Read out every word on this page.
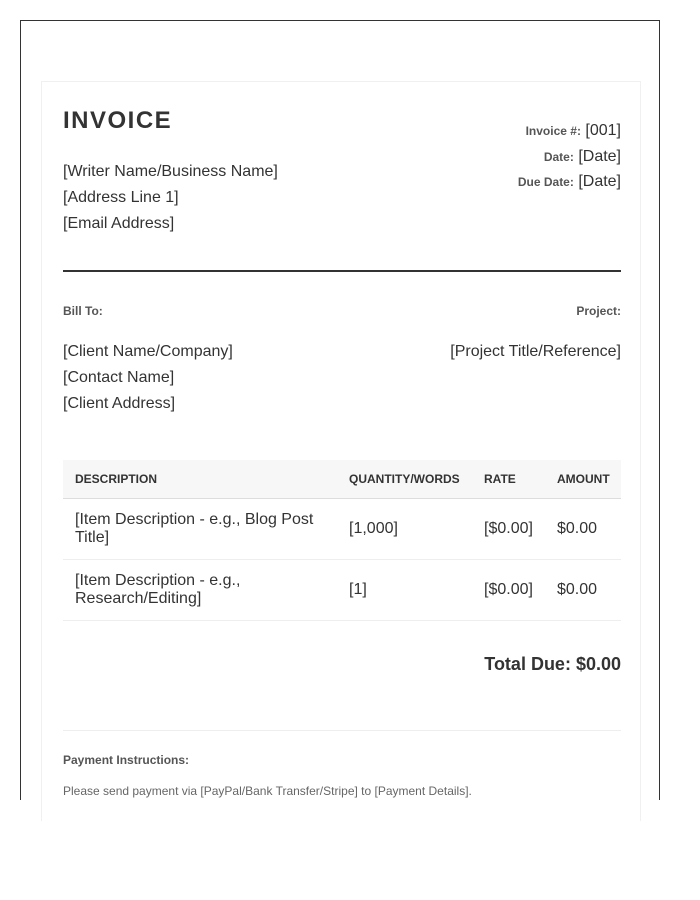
INVOICE
[Writer Name/Business Name]
[Address Line 1]
[Email Address]
Invoice #: [001]
Date: [Date]
Due Date: [Date]
Bill To:	Project:
[Client Name/Company]
[Contact Name]
[Client Address]
[Project Title/Reference]
DESCRIPTION	QUANTITY/WORDS	RATE	AMOUNT
[Item Description - e.g., Blog Post Title]	[1,000]	[$0.00]	$0.00
[Item Description - e.g., Research/Editing]	[1]	[$0.00]	$0.00
Total Due: $0.00
Payment Instructions:
Please send payment via [PayPal/Bank Transfer/Stripe] to [Payment Details].
